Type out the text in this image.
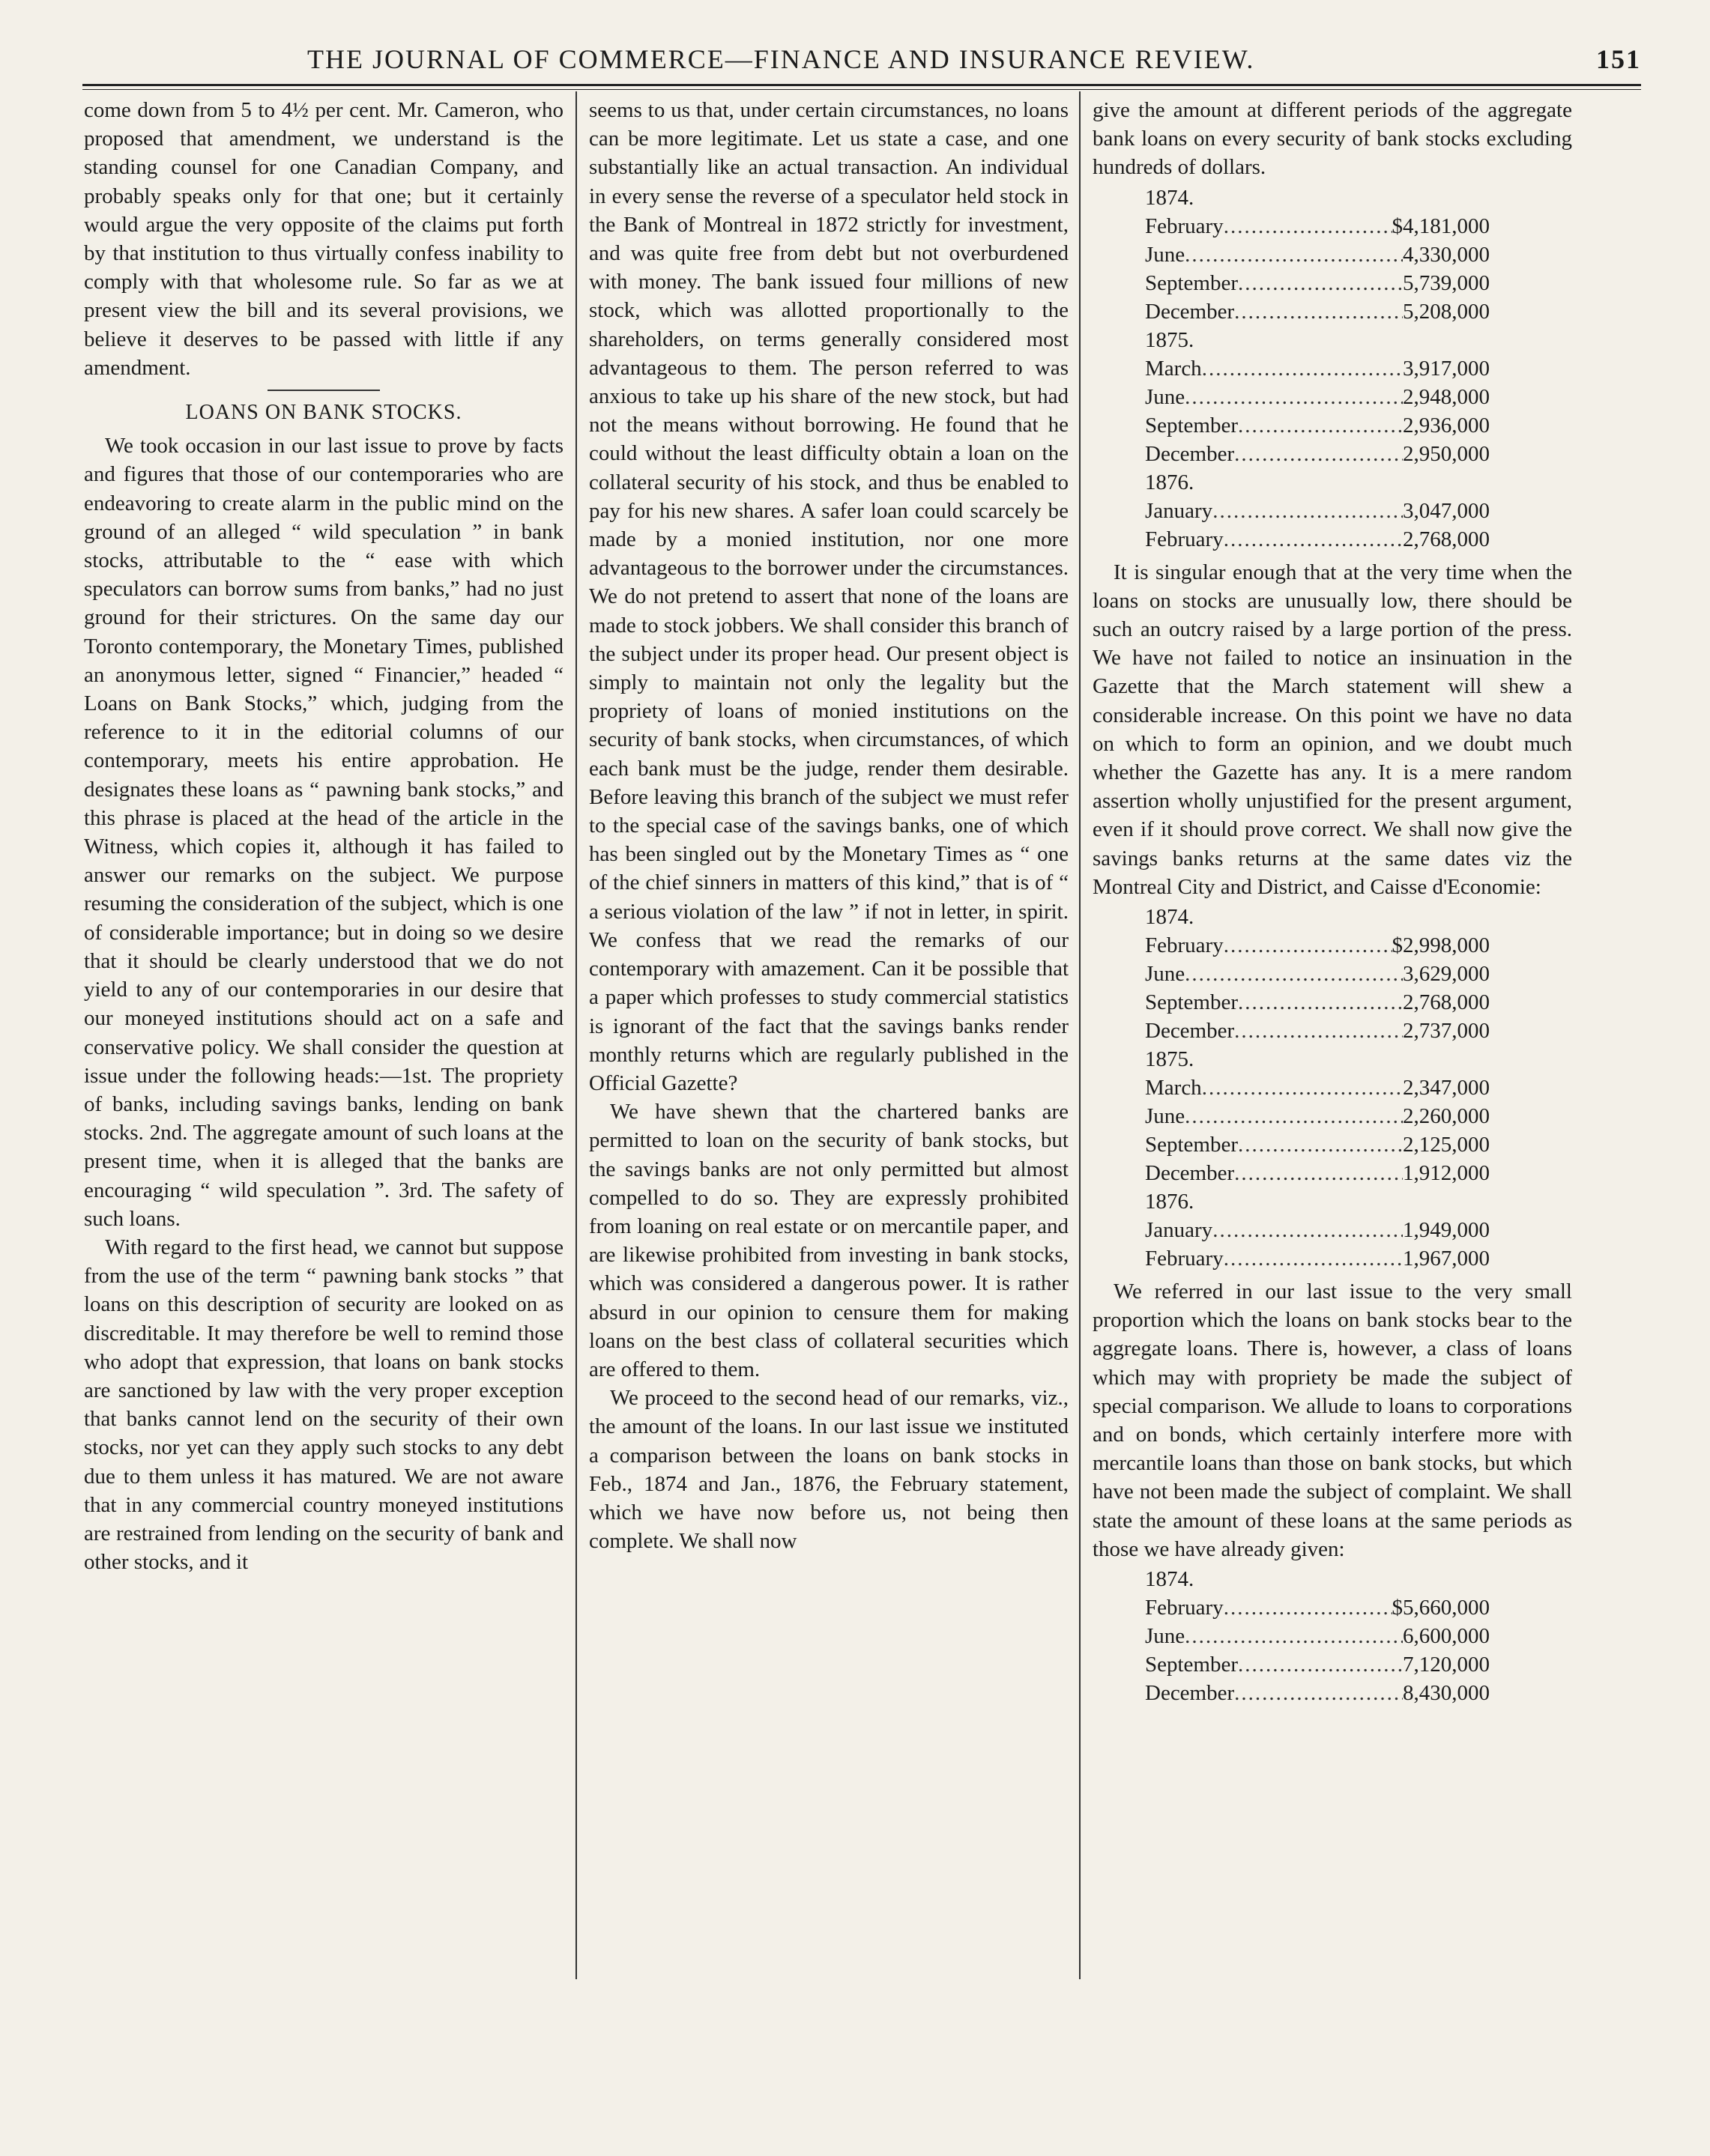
THE JOURNAL OF COMMERCE—FINANCE AND INSURANCE REVIEW.	151

come down from 5 to 4½ per cent. Mr. Cameron, who proposed that amendment, we understand is the standing counsel for one Canadian Company, and probably speaks only for that one; but it certainly would argue the very opposite of the claims put forth by that institution to thus virtually confess inability to comply with that wholesome rule. So far as we at present view the bill and its several provisions, we believe it deserves to be passed with little if any amendment.

LOANS ON BANK STOCKS.

We took occasion in our last issue to prove by facts and figures that those of our contemporaries who are endeavoring to create alarm in the public mind on the ground of an alleged “ wild speculation ” in bank stocks, attributable to the “ ease with which speculators can borrow sums from banks,” had no just ground for their strictures. On the same day our Toronto contemporary, the Monetary Times, published an anonymous letter, signed “ Financier,” headed “ Loans on Bank Stocks,” which, judging from the reference to it in the editorial columns of our contemporary, meets his entire approbation. He designates these loans as “ pawning bank stocks,” and this phrase is placed at the head of the article in the Witness, which copies it, although it has failed to answer our remarks on the subject. We purpose resuming the consideration of the subject, which is one of considerable importance; but in doing so we desire that it should be clearly understood that we do not yield to any of our contemporaries in our desire that our moneyed institutions should act on a safe and conservative policy. We shall consider the question at issue under the following heads:—1st. The propriety of banks, including savings banks, lending on bank stocks. 2nd. The aggregate amount of such loans at the present time, when it is alleged that the banks are encouraging “ wild speculation ”. 3rd. The safety of such loans.

With regard to the first head, we cannot but suppose from the use of the term “ pawning bank stocks ” that loans on this description of security are looked on as discreditable. It may therefore be well to remind those who adopt that expression, that loans on bank stocks are sanctioned by law with the very proper exception that banks cannot lend on the security of their own stocks, nor yet can they apply such stocks to any debt due to them unless it has matured. We are not aware that in any commercial country moneyed institutions are restrained from lending on the security of bank and other stocks, and it

seems to us that, under certain circumstances, no loans can be more legitimate. Let us state a case, and one substantially like an actual transaction. An individual in every sense the reverse of a speculator held stock in the Bank of Montreal in 1872 strictly for investment, and was quite free from debt but not overburdened with money. The bank issued four millions of new stock, which was allotted proportionally to the shareholders, on terms generally considered most advantageous to them. The person referred to was anxious to take up his share of the new stock, but had not the means without borrowing. He found that he could without the least difficulty obtain a loan on the collateral security of his stock, and thus be enabled to pay for his new shares. A safer loan could scarcely be made by a monied institution, nor one more advantageous to the borrower under the circumstances. We do not pretend to assert that none of the loans are made to stock jobbers. We shall consider this branch of the subject under its proper head. Our present object is simply to maintain not only the legality but the propriety of loans of monied institutions on the security of bank stocks, when circumstances, of which each bank must be the judge, render them desirable. Before leaving this branch of the subject we must refer to the special case of the savings banks, one of which has been singled out by the Monetary Times as “ one of the chief sinners in matters of this kind,” that is of “ a serious violation of the law ” if not in letter, in spirit. We confess that we read the remarks of our contemporary with amazement. Can it be possible that a paper which professes to study commercial statistics is ignorant of the fact that the savings banks render monthly returns which are regularly published in the Official Gazette?

We have shewn that the chartered banks are permitted to loan on the security of bank stocks, but the savings banks are not only permitted but almost compelled to do so. They are expressly prohibited from loaning on real estate or on mercantile paper, and are likewise prohibited from investing in bank stocks, which was considered a dangerous power. It is rather absurd in our opinion to censure them for making loans on the best class of collateral securities which are offered to them.

We proceed to the second head of our remarks, viz., the amount of the loans. In our last issue we instituted a comparison between the loans on bank stocks in Feb., 1874 and Jan., 1876, the February statement, which we have now before us, not being then complete. We shall now

give the amount at different periods of the aggregate bank loans on every security of bank stocks excluding hundreds of dollars.

1874.
February .....	$4,181,000
June .....	4,330,000
September .....	5,739,000
December .....	5,208,000
1875.
March .....	3,917,000
June .....	2,948,000
September .....	2,936,000
December .....	2,950,000
1876.
January .....	3,047,000
February .....	2,768,000

It is singular enough that at the very time when the loans on stocks are unusually low, there should be such an outcry raised by a large portion of the press. We have not failed to notice an insinuation in the Gazette that the March statement will shew a considerable increase. On this point we have no data on which to form an opinion, and we doubt much whether the Gazette has any. It is a mere random assertion wholly unjustified for the present argument, even if it should prove correct. We shall now give the savings banks returns at the same dates viz the Montreal City and District, and Caisse d'Economie:

1874.
February .....	$2,998,000
June .....	3,629,000
September .....	2,768,000
December .....	2,737,000
1875.
March .....	2,347,000
June .....	2,260,000
September .....	2,125,000
December .....	1,912,000
1876.
January .....	1,949,000
February .....	1,967,000

We referred in our last issue to the very small proportion which the loans on bank stocks bear to the aggregate loans. There is, however, a class of loans which may with propriety be made the subject of special comparison. We allude to loans to corporations and on bonds, which certainly interfere more with mercantile loans than those on bank stocks, but which have not been made the subject of complaint. We shall state the amount of these loans at the same periods as those we have already given:

1874.
February .....	$5,660,000
June .....	6,600,000
September .....	7,120,000
December .....	8,430,000
